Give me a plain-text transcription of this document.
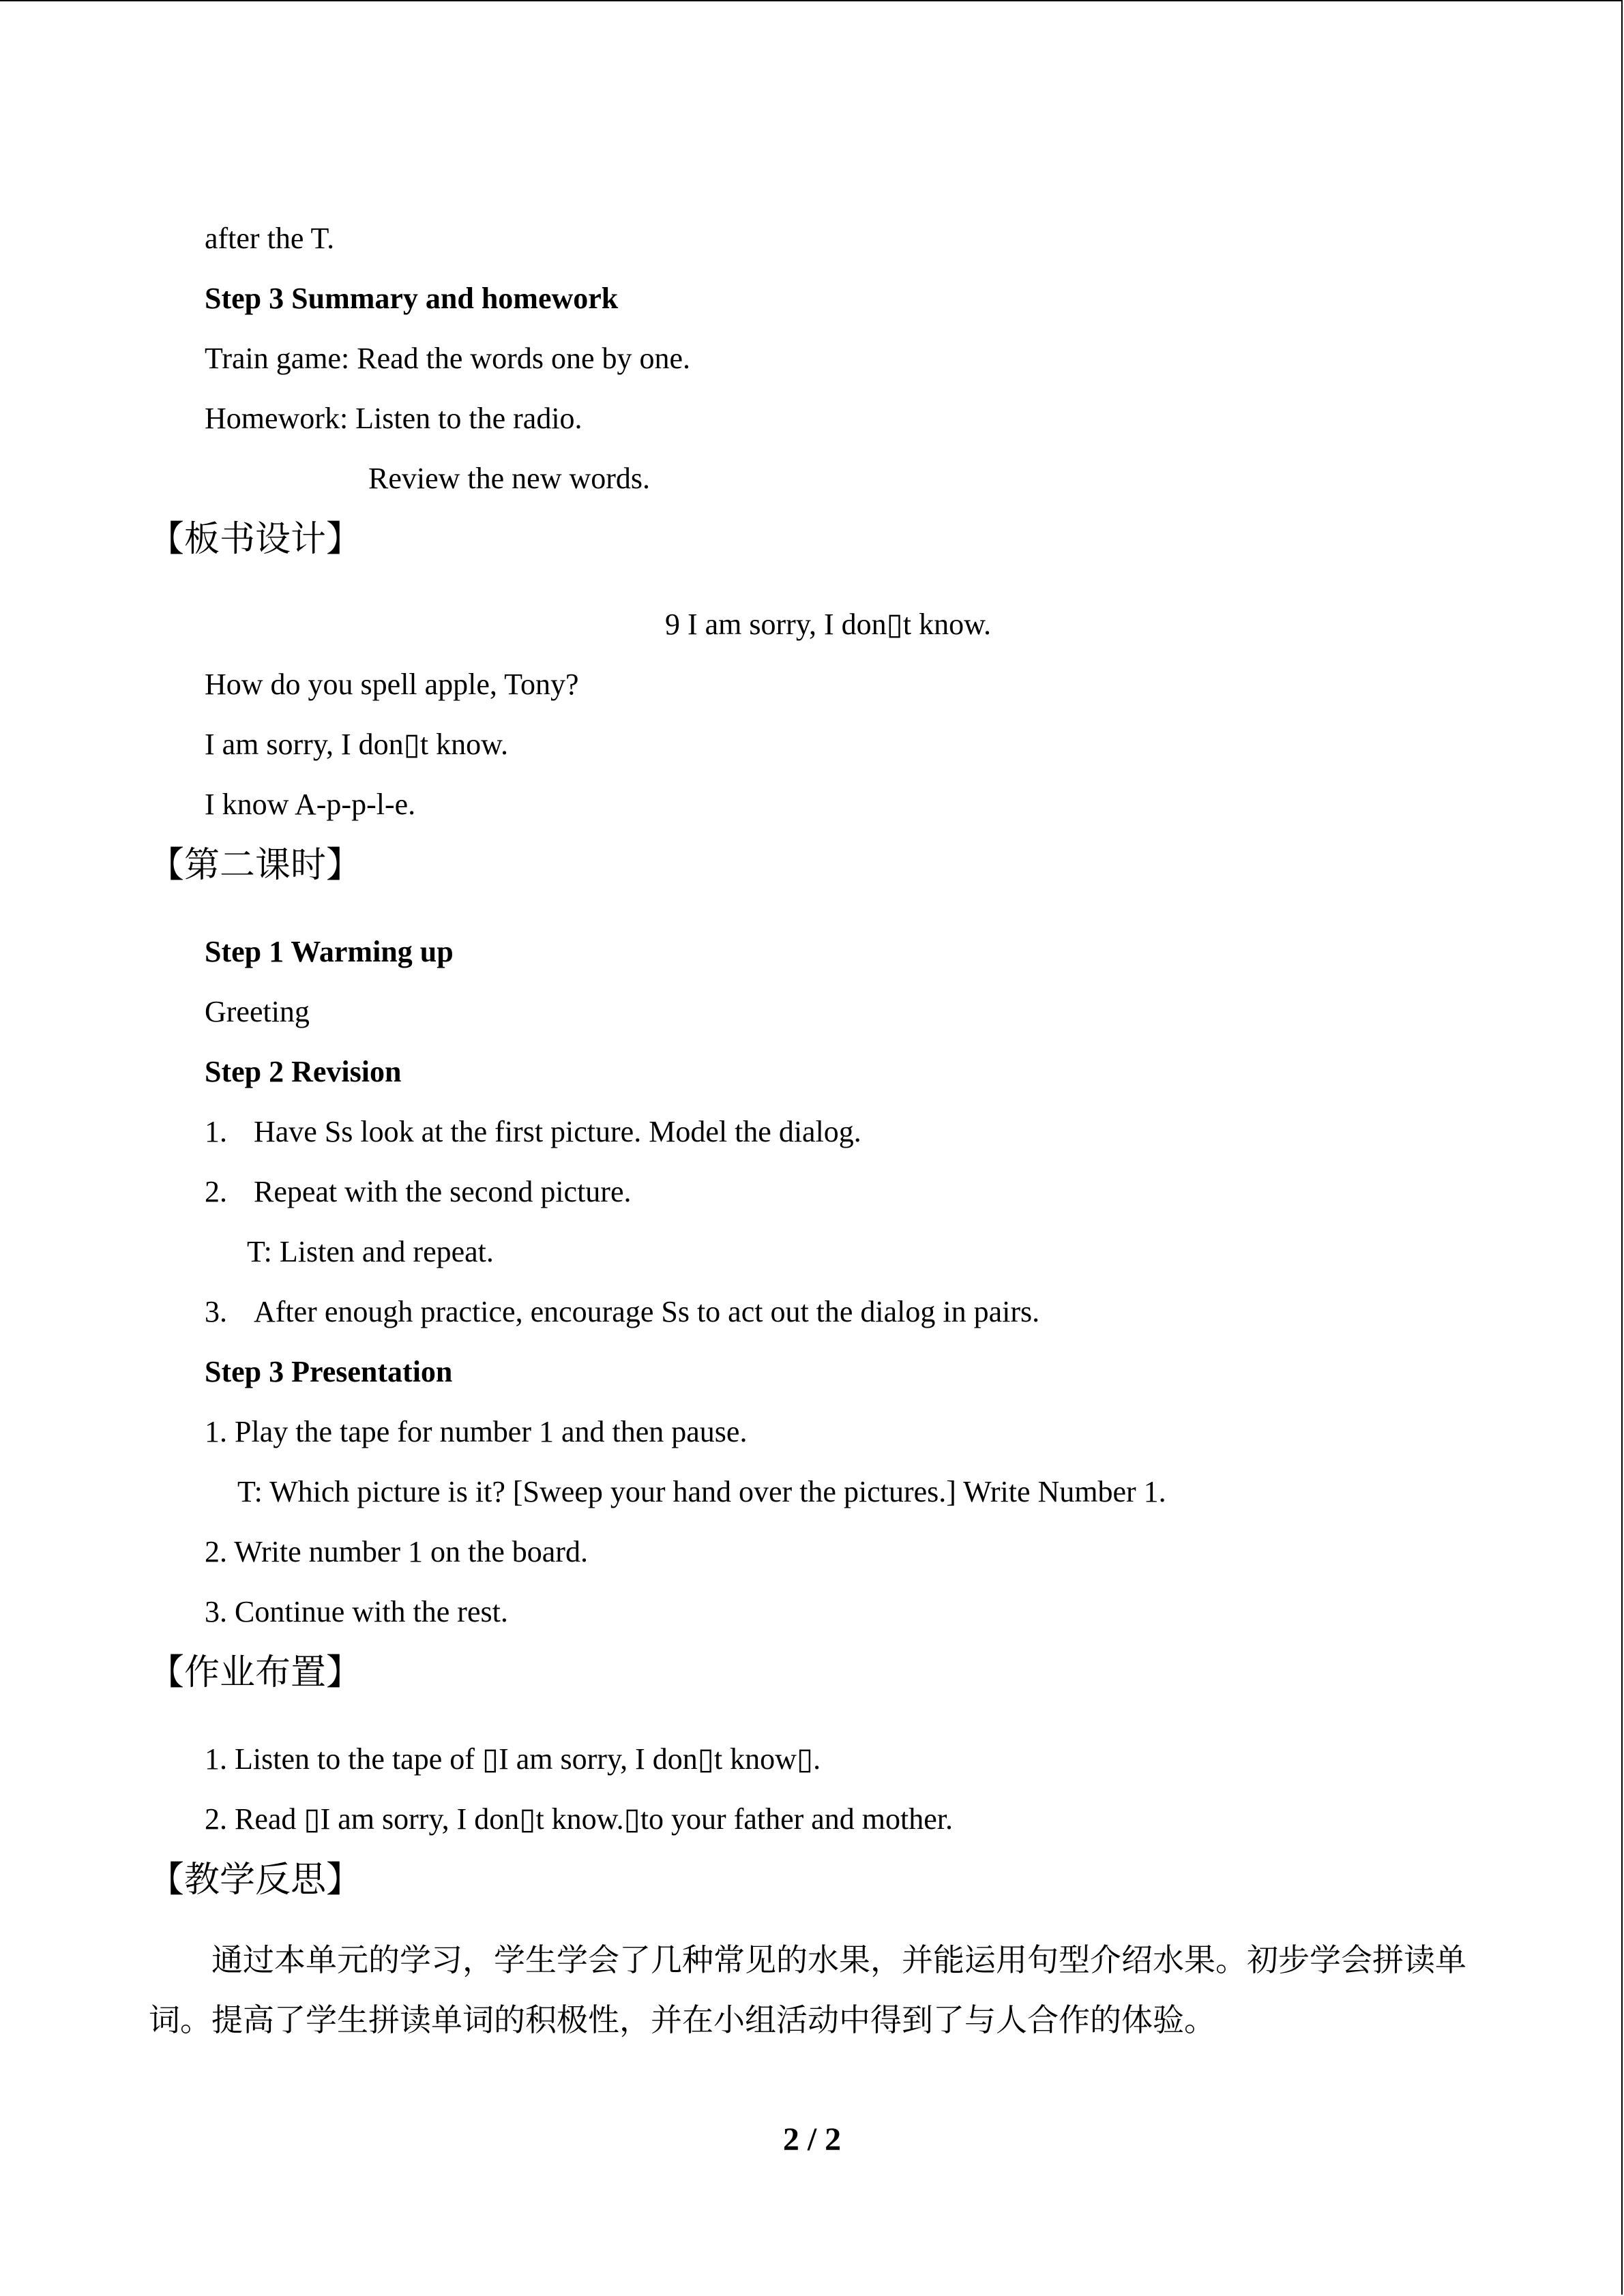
after the T.
Step 3 Summary and homework
Train game: Read the words one by one.
Homework: Listen to the radio.
Review the new words.
【板书设计】
9 I am sorry, I don▯t know.
How do you spell apple, Tony?
I am sorry, I don▯t know.
I know A-p-p-l-e.
【第二课时】
Step 1 Warming up
Greeting
Step 2 Revision
1. Have Ss look at the first picture. Model the dialog.
2. Repeat with the second picture.
T: Listen and repeat.
3. After enough practice, encourage Ss to act out the dialog in pairs.
Step 3 Presentation
1. Play the tape for number 1 and then pause.
T: Which picture is it? [Sweep your hand over the pictures.] Write Number 1.
2. Write number 1 on the board.
3. Continue with the rest.
【作业布置】
1. Listen to the tape of ▯I am sorry, I don▯t know▯.
2. Read ▯I am sorry, I don▯t know.▯to your father and mother.
【教学反思】
通过本单元的学习，学生学会了几种常见的水果，并能运用句型介绍水果。初步学会拼读单词。提高了学生拼读单词的积极性，并在小组活动中得到了与人合作的体验。
2 / 2
